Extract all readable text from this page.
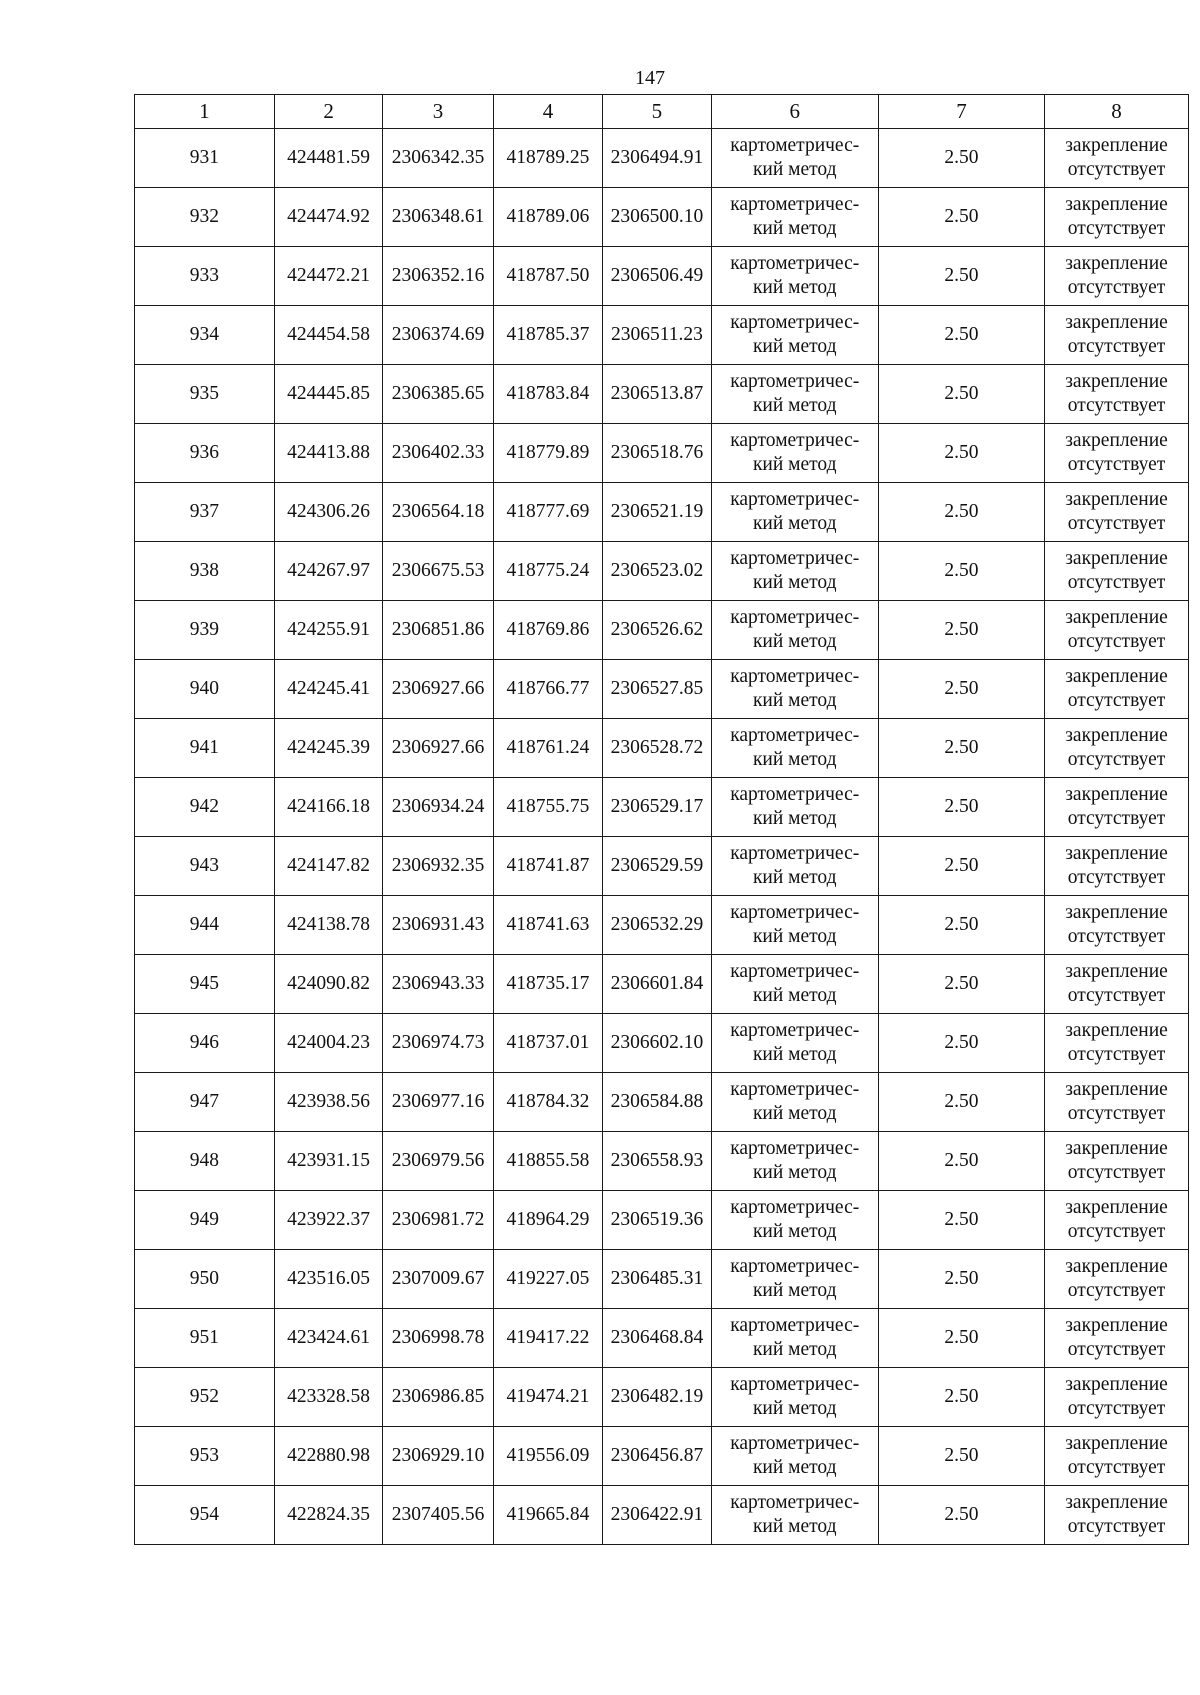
147
1	2	3	4	5	6	7	8
931	424481.59	2306342.35	418789.25	2306494.91	картометричес-
кий метод	2.50	закрепление
отсутствует

932	424474.92	2306348.61	418789.06	2306500.10	картометричес-
кий метод	2.50	закрепление
отсутствует

933	424472.21	2306352.16	418787.50	2306506.49	картометричес-
кий метод	2.50	закрепление
отсутствует

934	424454.58	2306374.69	418785.37	2306511.23	картометричес-
кий метод	2.50	закрепление
отсутствует

935	424445.85	2306385.65	418783.84	2306513.87	картометричес-
кий метод	2.50	закрепление
отсутствует

936	424413.88	2306402.33	418779.89	2306518.76	картометричес-
кий метод	2.50	закрепление
отсутствует

937	424306.26	2306564.18	418777.69	2306521.19	картометричес-
кий метод	2.50	закрепление
отсутствует

938	424267.97	2306675.53	418775.24	2306523.02	картометричес-
кий метод	2.50	закрепление
отсутствует

939	424255.91	2306851.86	418769.86	2306526.62	картометричес-
кий метод	2.50	закрепление
отсутствует

940	424245.41	2306927.66	418766.77	2306527.85	картометричес-
кий метод	2.50	закрепление
отсутствует

941	424245.39	2306927.66	418761.24	2306528.72	картометричес-
кий метод	2.50	закрепление
отсутствует

942	424166.18	2306934.24	418755.75	2306529.17	картометричес-
кий метод	2.50	закрепление
отсутствует

943	424147.82	2306932.35	418741.87	2306529.59	картометричес-
кий метод	2.50	закрепление
отсутствует

944	424138.78	2306931.43	418741.63	2306532.29	картометричес-
кий метод	2.50	закрепление
отсутствует

945	424090.82	2306943.33	418735.17	2306601.84	картометричес-
кий метод	2.50	закрепление
отсутствует

946	424004.23	2306974.73	418737.01	2306602.10	картометричес-
кий метод	2.50	закрепление
отсутствует

947	423938.56	2306977.16	418784.32	2306584.88	картометричес-
кий метод	2.50	закрепление
отсутствует

948	423931.15	2306979.56	418855.58	2306558.93	картометричес-
кий метод	2.50	закрепление
отсутствует

949	423922.37	2306981.72	418964.29	2306519.36	картометричес-
кий метод	2.50	закрепление
отсутствует

950	423516.05	2307009.67	419227.05	2306485.31	картометричес-
кий метод	2.50	закрепление
отсутствует

951	423424.61	2306998.78	419417.22	2306468.84	картометричес-
кий метод	2.50	закрепление
отсутствует

952	423328.58	2306986.85	419474.21	2306482.19	картометричес-
кий метод	2.50	закрепление
отсутствует

953	422880.98	2306929.10	419556.09	2306456.87	картометричес-
кий метод	2.50	закрепление
отсутствует

954	422824.35	2307405.56	419665.84	2306422.91	картометричес-
кий метод	2.50	закрепление
отсутствует
